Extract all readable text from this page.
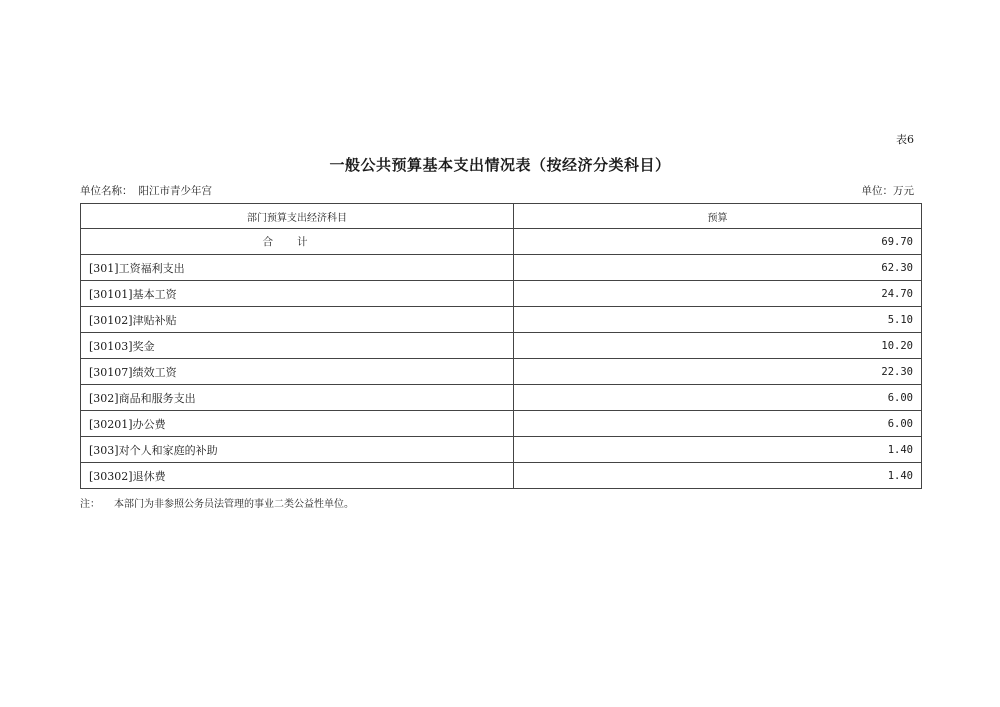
表6
一般公共预算基本支出情况表（按经济分类科目）
单位名称： 阳江市青少年宫	单位：万元
部门预算支出经济科目	预算
合计	69.70
[301]工资福利支出	62.30
[30101]基本工资	24.70
[30102]津贴补贴	5.10
[30103]奖金	10.20
[30107]绩效工资	22.30
[302]商品和服务支出	6.00
[30201]办公费	6.00
[303]对个人和家庭的补助	1.40
[30302]退休费	1.40
注： 本部门为非参照公务员法管理的事业二类公益性单位。
